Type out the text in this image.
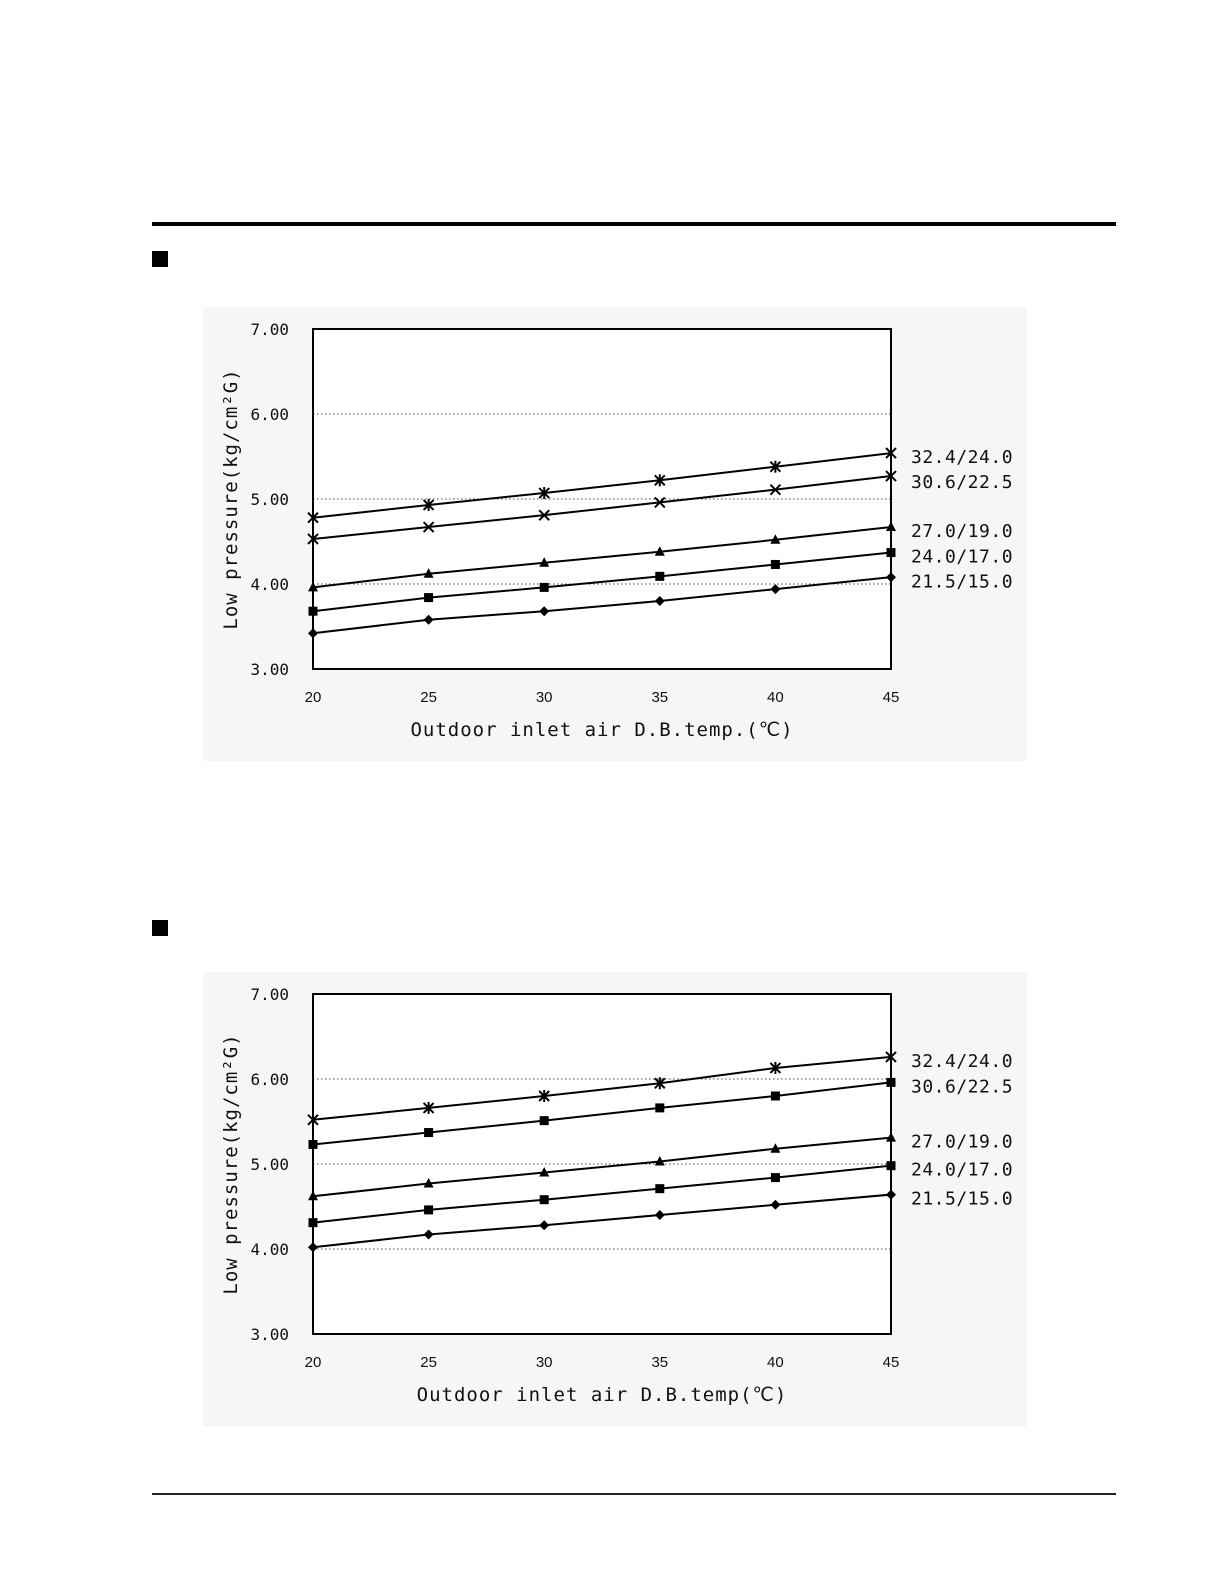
3.00
4.00
5.00
6.00
7.00
20	25	30	35	40	45
32.4/24.0
30.6/22.5
27.0/19.0
24.0/17.0
21.5/15.0
Outdoor inlet air D.B.temp.(℃)
Low pressure(kg/cm²G)
3.00
4.00
5.00
6.00
7.00
20	25	30	35	40	45
32.4/24.0
30.6/22.5
27.0/19.0
24.0/17.0
21.5/15.0
Outdoor inlet air D.B.temp(℃)
Low pressure(kg/cm²G)
